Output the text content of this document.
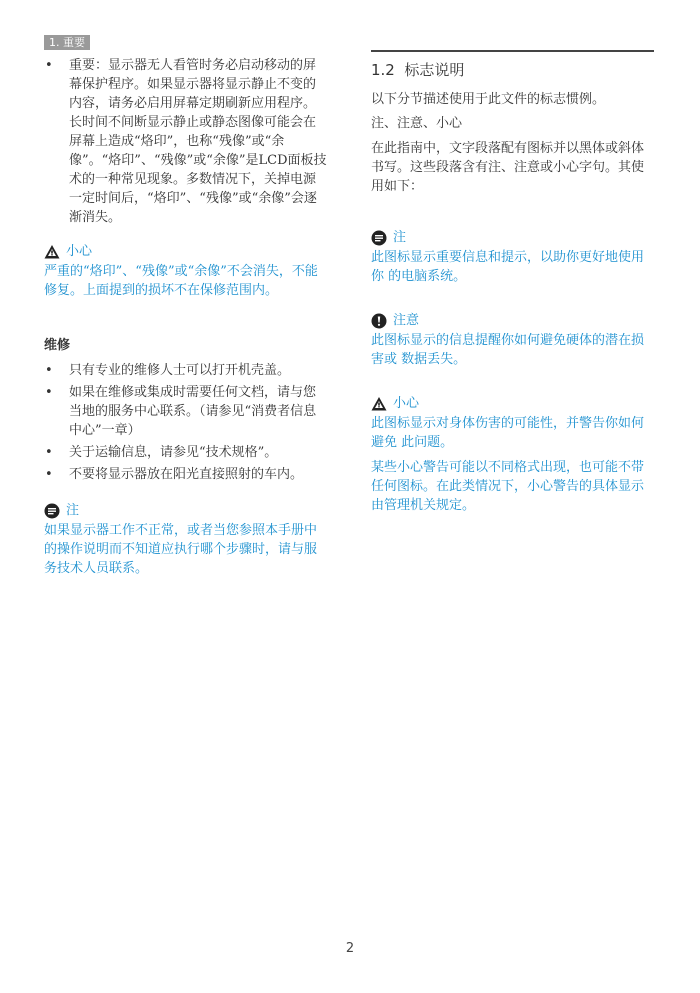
1. 重要
• 重要：显示器无人看管时务必启动移动的屏幕保护程序。如果显示器将显示静止不变的内容，请务必启用屏幕定期刷新应用程序。长时间不间断显示静止或静态图像可能会在屏幕上造成“烙印”，也称“残像”或“余像”。“烙印”、“残像”或“余像”是LCD面板技术的一种常见现象。多数情况下，关掉电源一定时间后，“烙印”、“残像”或“余像”会逐渐消失。
小心

严重的“烙印”、“残像”或“余像”不会消失，不能修复。上面提到的损坏不在保修范围内。

维修
• 只有专业的维修人士可以打开机壳盖。
• 如果在维修或集成时需要任何文档，请与您当地的服务中心联系。（请参见“消费者信息中心”一章）
• 关于运输信息，请参见“技术规格”。
• 不要将显示器放在阳光直接照射的车内。
注

如果显示器工作不正常，或者当您参照本手册中的操作说明而不知道应执行哪个步骤时，请与服务技术人员联系。

1.2 标志说明

以下分节描述使用于此文件的标志惯例。

注、注意、小心

在此指南中，文字段落配有图标并以黑体或斜体书写。这些段落含有注、注意或小心字句。其使用如下：

注

此图标显示重要信息和提示，以助你更好地使用你 的电脑系统。

注意

此图标显示的信息提醒你如何避免硬体的潜在损害或 数据丢失。

小心

此图标显示对身体伤害的可能性，并警告你如何避免 此问题。

某些小心警告可能以不同格式出现，也可能不带任何图标。在此类情况下，小心警告的具体显示由管理机关规定。

2
